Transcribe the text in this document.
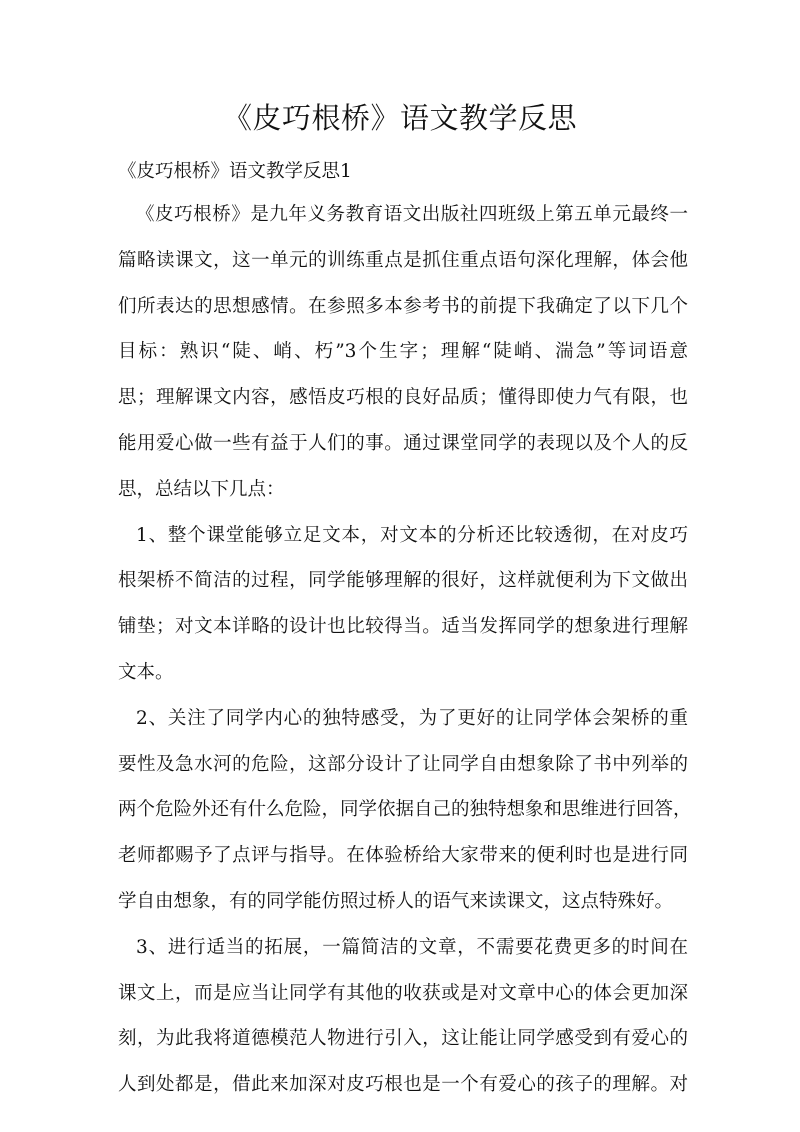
《皮巧根桥》语文教学反思

《皮巧根桥》语文教学反思1

《皮巧根桥》是九年义务教育语文出版社四班级上第五单元最终一
篇略读课文，这一单元的训练重点是抓住重点语句深化理解，体会他
们所表达的思想感情。在参照多本参考书的前提下我确定了以下几个
目标：熟识“陡、峭、朽”3个生字；理解“陡峭、湍急”等词语意
思；理解课文内容，感悟皮巧根的良好品质；懂得即使力气有限，也
能用爱心做一些有益于人们的事。通过课堂同学的表现以及个人的反
思，总结以下几点：
1、整个课堂能够立足文本，对文本的分析还比较透彻，在对皮巧
根架桥不简洁的过程，同学能够理解的很好，这样就便利为下文做出
铺垫；对文本详略的设计也比较得当。适当发挥同学的想象进行理解
文本。
2、关注了同学内心的独特感受，为了更好的让同学体会架桥的重
要性及急水河的危险，这部分设计了让同学自由想象除了书中列举的
两个危险外还有什么危险，同学依据自己的独特想象和思维进行回答，
老师都赐予了点评与指导。在体验桥给大家带来的便利时也是进行同
学自由想象，有的同学能仿照过桥人的语气来读课文，这点特殊好。
3、进行适当的拓展，一篇简洁的文章，不需要花费更多的时间在
课文上，而是应当让同学有其他的收获或是对文章中心的体会更加深
刻，为此我将道德模范人物进行引入，这让能让同学感受到有爱心的
人到处都是，借此来加深对皮巧根也是一个有爱心的孩子的理解。对
